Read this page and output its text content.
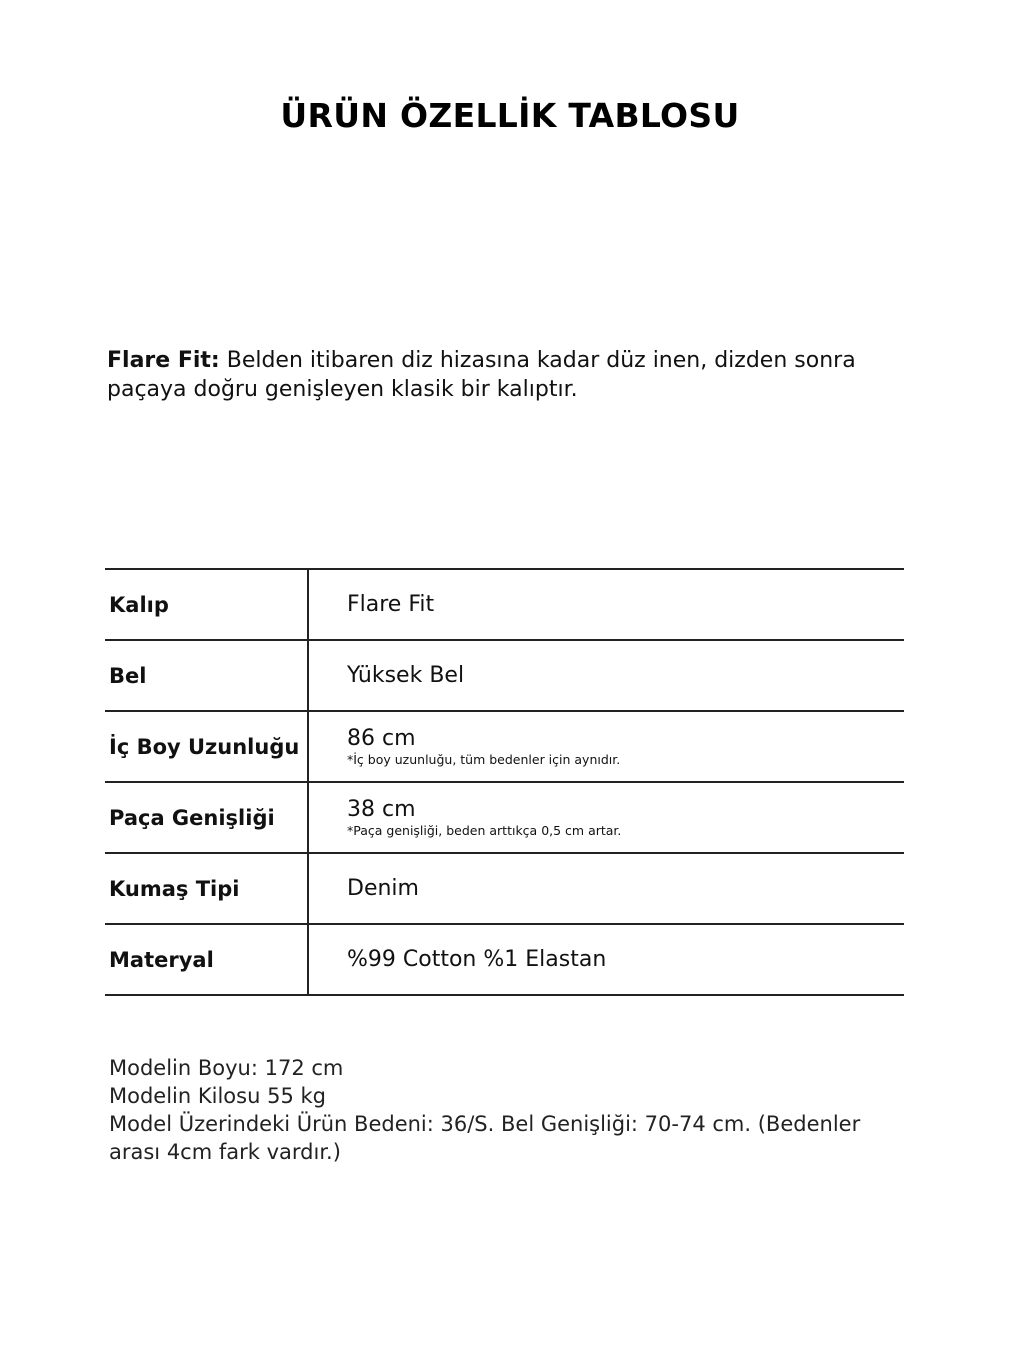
ÜRÜN ÖZELLİK TABLOSU

Flare Fit: Belden itibaren diz hizasına kadar düz inen, dizden sonra paçaya doğru genişleyen klasik bir kalıptır.

Kalıp	Flare Fit
Bel	Yüksek Bel
İç Boy Uzunluğu 86 cm
*İç boy uzunluğu, tüm bedenler için aynıdır.
Paça Genişliği	38 cm
*Paça genişliği, beden arttıkça 0,5 cm artar.
Kumaş Tipi	Denim
Materyal	%99 Cotton %1 Elastan
Modelin Boyu: 172 cm
Modelin Kilosu 55 kg
Model Üzerindeki Ürün Bedeni: 36/S. Bel Genişliği: 70-74 cm. (Bedenler arası 4cm fark vardır.)
